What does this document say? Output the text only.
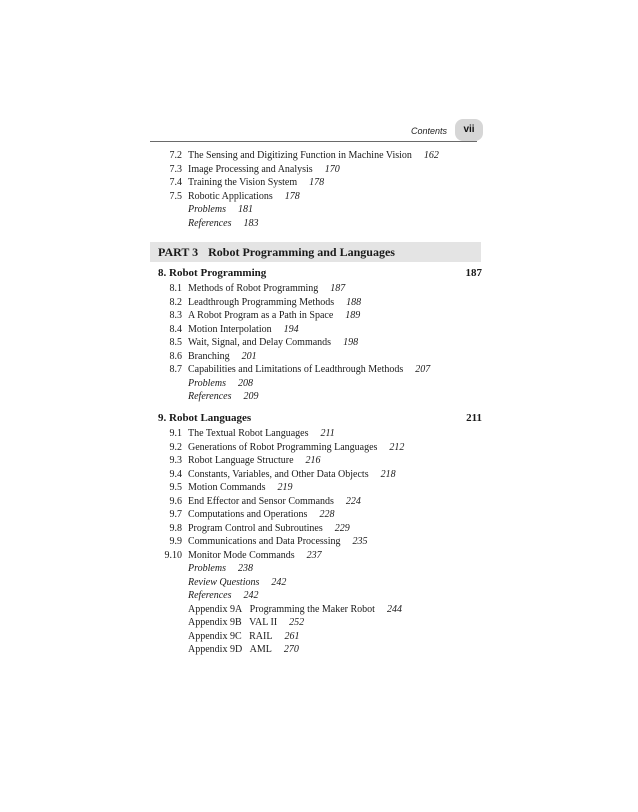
Contents	vii
7.2 The Sensing and Digitizing Function in Machine Vision 162
7.3 Image Processing and Analysis 170
7.4 Training the Vision System 178
7.5 Robotic Applications 178
Problems 181
References 183
PART 3 Robot Programming and Languages
8. Robot Programming	187
8.1 Methods of Robot Programming 187
8.2 Leadthrough Programming Methods 188
8.3 A Robot Program as a Path in Space 189
8.4 Motion Interpolation 194
8.5 Wait, Signal, and Delay Commands 198
8.6 Branching 201
8.7 Capabilities and Limitations of Leadthrough Methods 207
Problems 208
References 209
9. Robot Languages	211
9.1 The Textual Robot Languages 211
9.2 Generations of Robot Programming Languages 212
9.3 Robot Language Structure 216
9.4 Constants, Variables, and Other Data Objects 218
9.5 Motion Commands 219
9.6 End Effector and Sensor Commands 224
9.7 Computations and Operations 228
9.8 Program Control and Subroutines 229
9.9 Communications and Data Processing 235
9.10 Monitor Mode Commands 237
Problems 238
Review Questions 242
References 242
Appendix 9A Programming the Maker Robot 244
Appendix 9B VAL II 252
Appendix 9C RAIL 261
Appendix 9D AML 270
